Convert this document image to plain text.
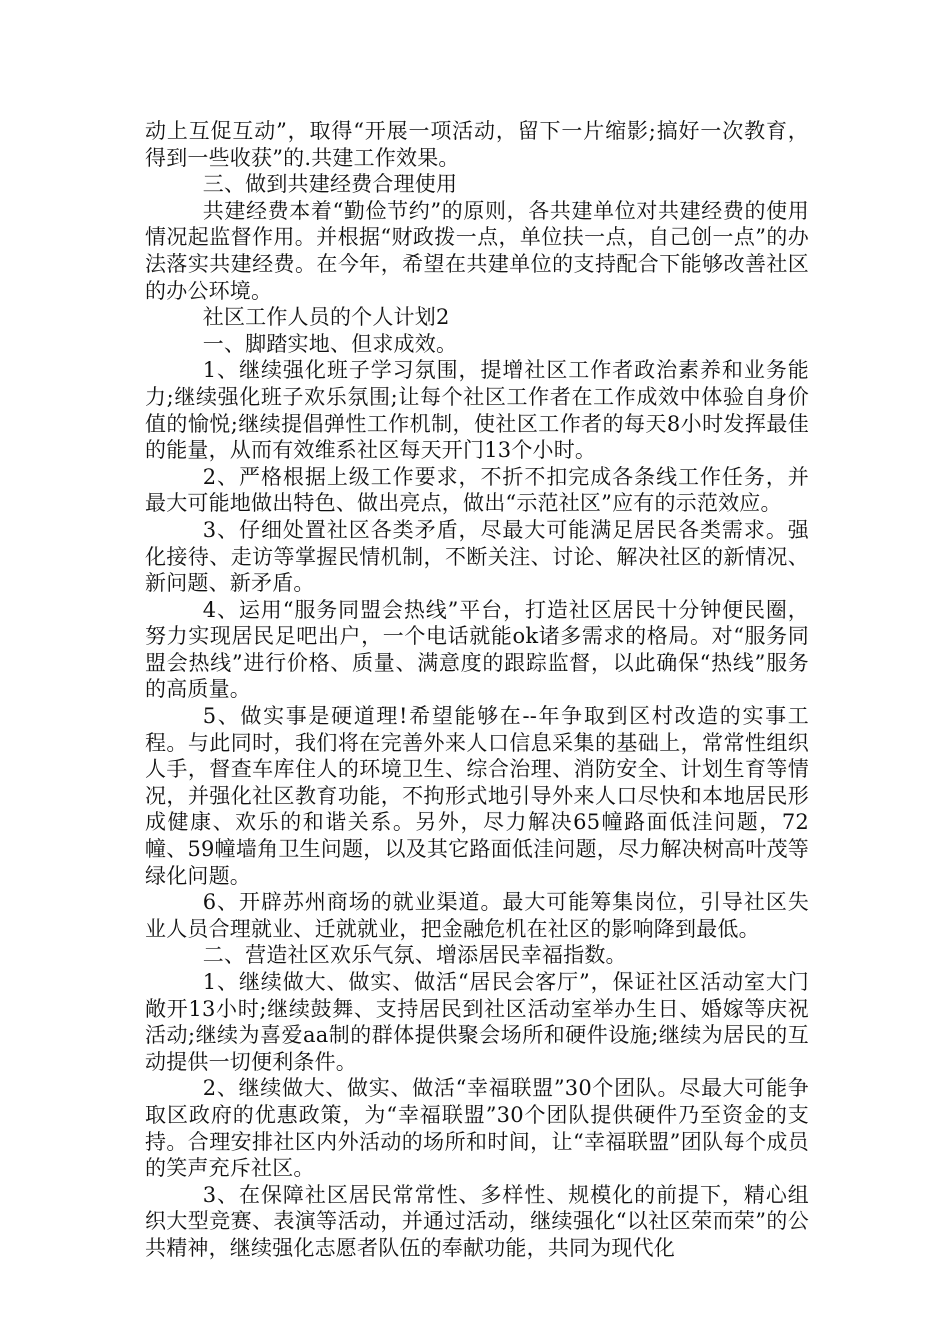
动上互促互动”，取得“开展一项活动，留下一片缩影;搞好一次教育，得到一些收获”的.共建工作效果。

三、做到共建经费合理使用

共建经费本着“勤俭节约”的原则，各共建单位对共建经费的使用情况起监督作用。并根据“财政拨一点，单位扶一点，自己创一点”的办法落实共建经费。在今年，希望在共建单位的支持配合下能够改善社区的办公环境。

社区工作人员的个人计划2

一、脚踏实地、但求成效。

1、继续强化班子学习氛围，提增社区工作者政治素养和业务能力;继续强化班子欢乐氛围;让每个社区工作者在工作成效中体验自身价值的愉悦;继续提倡弹性工作机制，使社区工作者的每天8小时发挥最佳的能量，从而有效维系社区每天开门13个小时。

2、严格根据上级工作要求，不折不扣完成各条线工作任务，并最大可能地做出特色、做出亮点，做出“示范社区”应有的示范效应。

3、仔细处置社区各类矛盾，尽最大可能满足居民各类需求。强化接待、走访等掌握民情机制，不断关注、讨论、解决社区的新情况、新问题、新矛盾。

4、运用“服务同盟会热线”平台，打造社区居民十分钟便民圈，努力实现居民足吧出户，一个电话就能ok诸多需求的格局。对“服务同盟会热线”进行价格、质量、满意度的跟踪监督，以此确保“热线”服务的高质量。

5、做实事是硬道理!希望能够在--年争取到区村改造的实事工程。与此同时，我们将在完善外来人口信息采集的基础上，常常性组织人手，督查车库住人的环境卫生、综合治理、消防安全、计划生育等情况，并强化社区教育功能，不拘形式地引导外来人口尽快和本地居民形成健康、欢乐的和谐关系。另外，尽力解决65幢路面低洼问题，72幢、59幢墙角卫生问题，以及其它路面低洼问题，尽力解决树高叶茂等绿化问题。

6、开辟苏州商场的就业渠道。最大可能筹集岗位，引导社区失业人员合理就业、迁就就业，把金融危机在社区的影响降到最低。

二、营造社区欢乐气氛、增添居民幸福指数。

1、继续做大、做实、做活“居民会客厅”，保证社区活动室大门敞开13小时;继续鼓舞、支持居民到社区活动室举办生日、婚嫁等庆祝活动;继续为喜爱aa制的群体提供聚会场所和硬件设施;继续为居民的互动提供一切便利条件。

2、继续做大、做实、做活“幸福联盟”30个团队。尽最大可能争取区政府的优惠政策，为“幸福联盟”30个团队提供硬件乃至资金的支持。合理安排社区内外活动的场所和时间，让“幸福联盟”团队每个成员的笑声充斥社区。

3、在保障社区居民常常性、多样性、规模化的前提下，精心组织大型竞赛、表演等活动，并通过活动，继续强化“以社区荣而荣”的公共精神，继续强化志愿者队伍的奉献功能，共同为现代化
